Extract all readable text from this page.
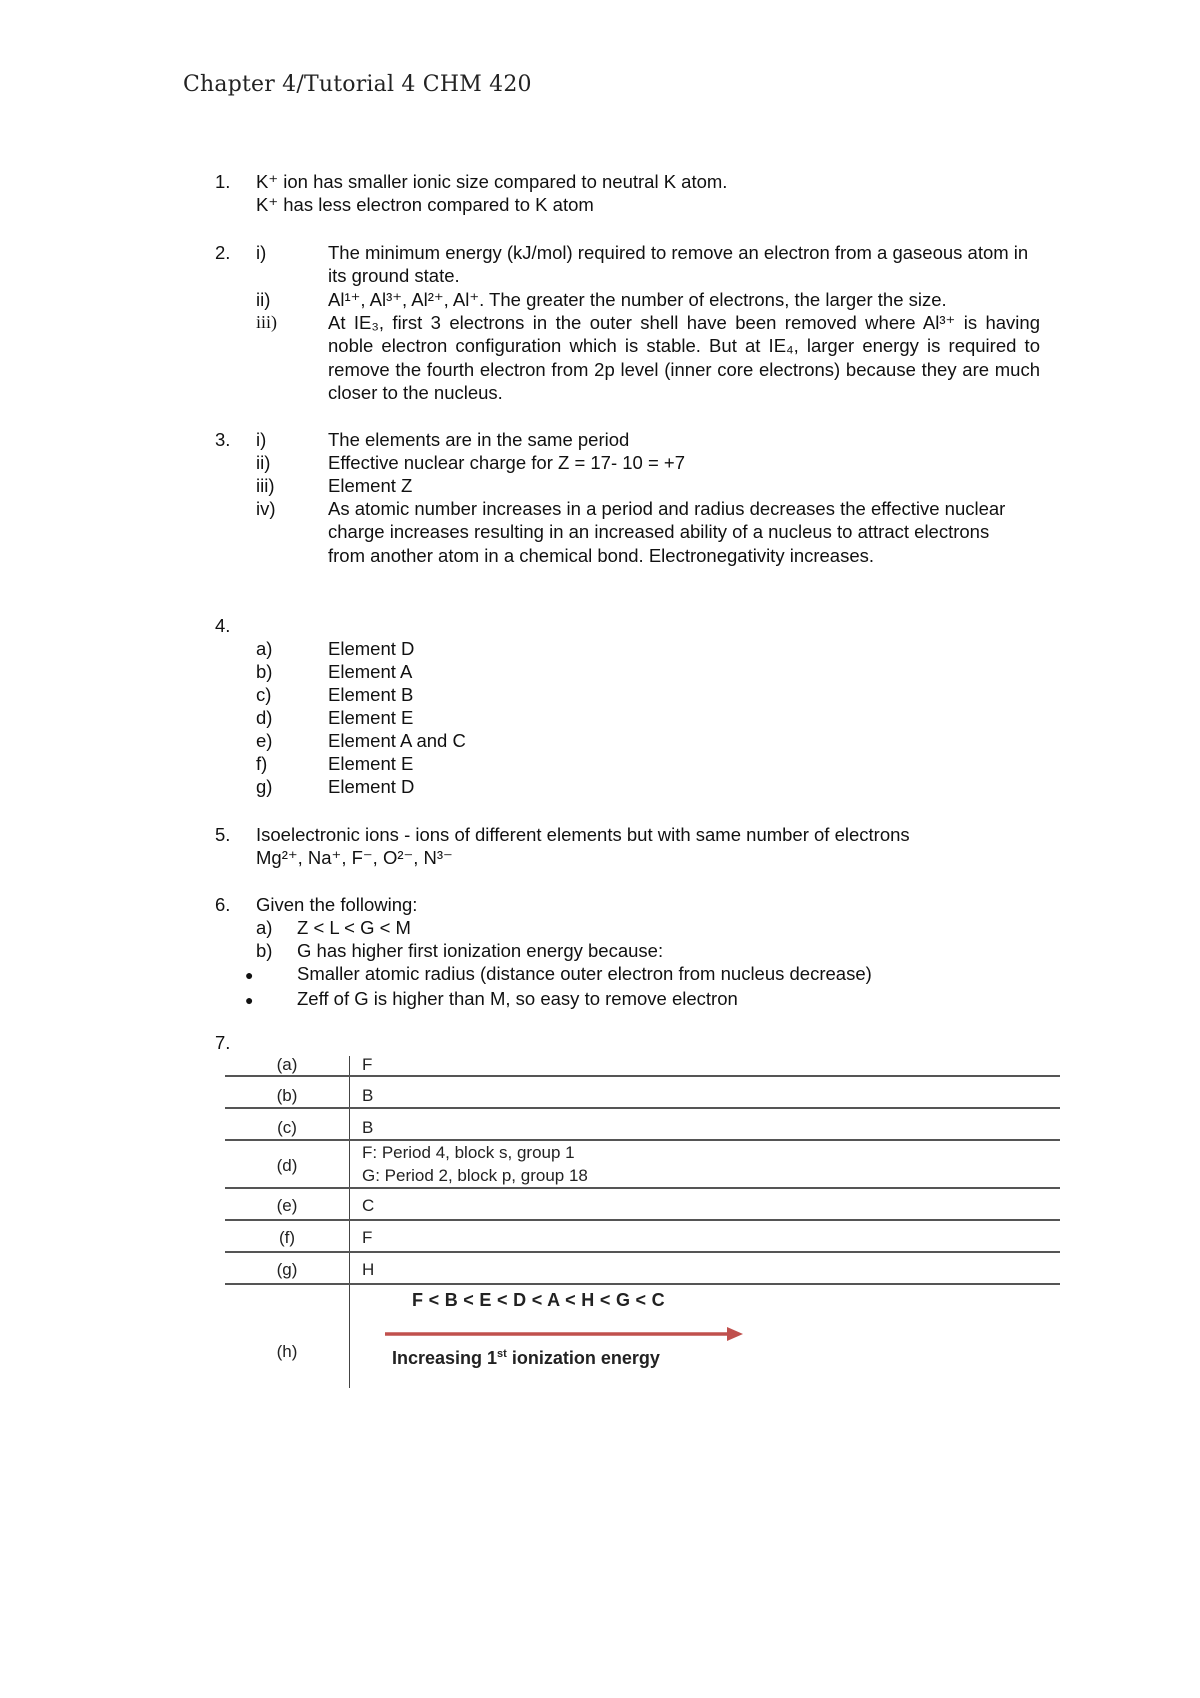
Chapter 4/Tutorial 4 CHM 420
1. K⁺ ion has smaller ionic size compared to neutral K atom.
K⁺ has less electron compared to K atom
2. i)	The minimum energy (kJ/mol) required to remove an electron from a gaseous atom in its ground state.
ii)	Al¹⁺, Al³⁺, Al²⁺, Al⁺. The greater the number of electrons, the larger the size.
iii)	At IE₃, first 3 electrons in the outer shell have been removed where Al³⁺ is having noble electron configuration which is stable. But at IE₄, larger energy is required to remove the fourth electron from 2p level (inner core electrons) because they are much closer to the nucleus.
3. i)	The elements are in the same period
ii)	Effective nuclear charge for Z = 17- 10 = +7
iii)	Element Z
iv)	As atomic number increases in a period and radius decreases the effective nuclear charge increases resulting in an increased ability of a nucleus to attract electrons from another atom in a chemical bond. Electronegativity increases.
4.
a)	Element D
b)	Element A
c)	Element B
d)	Element E
e)	Element A and C
f)	Element E
g)	Element D
5. Isoelectronic ions - ions of different elements but with same number of electrons
Mg²⁺, Na⁺, F⁻, O²⁻, N³⁻
6. Given the following:
a) Z < L < G < M
b) G has higher first ionization energy because:
● Smaller atomic radius (distance outer electron from nucleus decrease)
● Zeff of G is higher than M, so easy to remove electron
7.
(a)	F
(b)	B
(c)	B
(d)
F: Period 4, block s, group 1
G: Period 2, block p, group 18
(e)	C
(f)	F
(g)	H
(h)
F < B < E < D < A < H < G < C
Increasing 1st ionization energy
